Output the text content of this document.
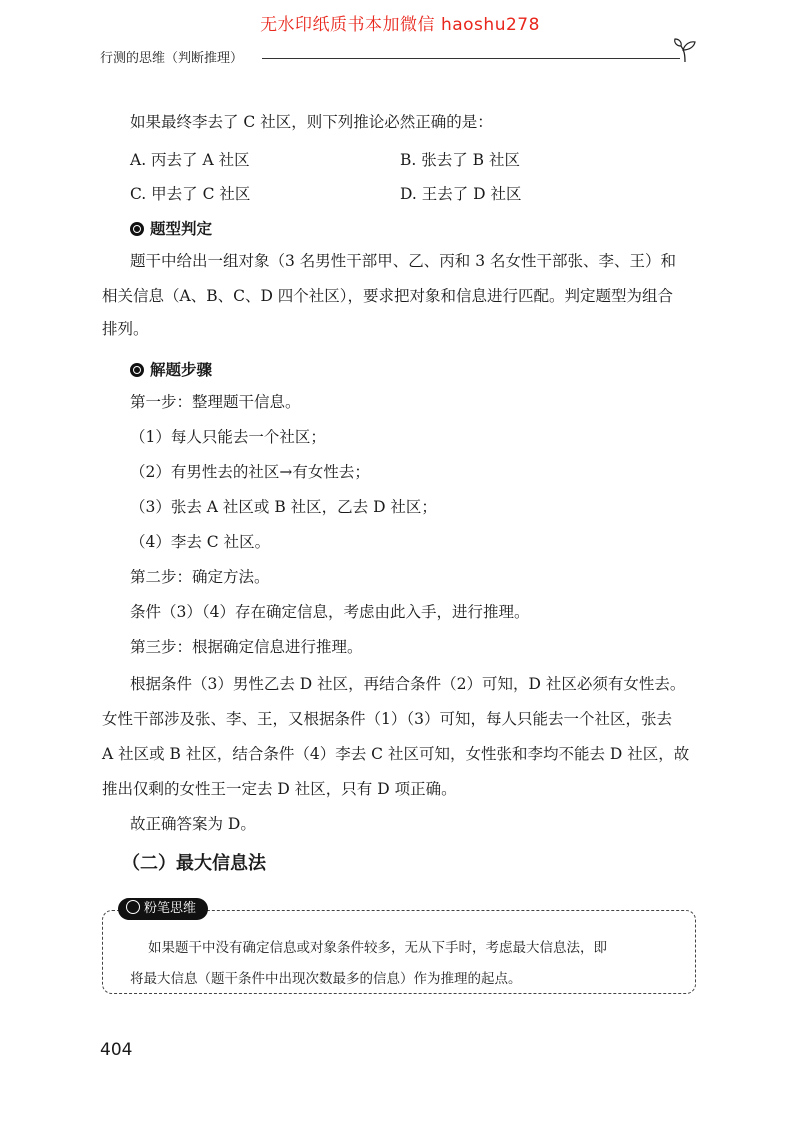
无水印纸质书本加微信 haoshu278
行测的思维（判断推理）
如果最终李去了 C 社区，则下列推论必然正确的是：
A. 丙去了 A 社区	B. 张去了 B 社区
C. 甲去了 C 社区	D. 王去了 D 社区
题型判定
题干中给出一组对象（3 名男性干部甲、乙、丙和 3 名女性干部张、李、王）和
相关信息（A、B、C、D 四个社区），要求把对象和信息进行匹配。判定题型为组合
排列。
解题步骤
第一步：整理题干信息。
（1）每人只能去一个社区；
（2）有男性去的社区→有女性去；
（3）张去 A 社区或 B 社区，乙去 D 社区；
（4）李去 C 社区。
第二步：确定方法。
条件（3）（4）存在确定信息，考虑由此入手，进行推理。
第三步：根据确定信息进行推理。
根据条件（3）男性乙去 D 社区，再结合条件（2）可知，D 社区必须有女性去。
女性干部涉及张、李、王，又根据条件（1）（3）可知，每人只能去一个社区，张去
A 社区或 B 社区，结合条件（4）李去 C 社区可知，女性张和李均不能去 D 社区，故
推出仅剩的女性王一定去 D 社区，只有 D 项正确。
故正确答案为 D。
（二）最大信息法
粉笔思维
如果题干中没有确定信息或对象条件较多，无从下手时，考虑最大信息法，即
将最大信息（题干条件中出现次数最多的信息）作为推理的起点。
404
